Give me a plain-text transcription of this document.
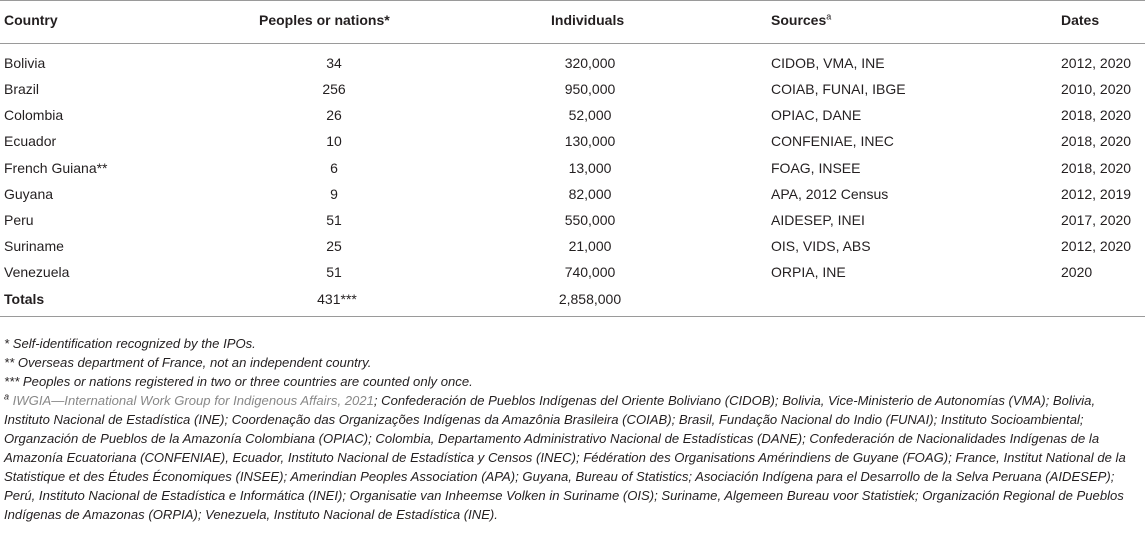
Country	Peoples or nations*	Individuals	Sources$^a$	Dates
Bolivia	34	320,000	CIDOB, VMA, INE	2012, 2020
Brazil	256	950,000	COIAB, FUNAI, IBGE	2010, 2020
Colombia	26	52,000	OPIAC, DANE	2018, 2020
Ecuador	10	130,000	CONFENIAE, INEC	2018, 2020
French Guiana**	6	13,000	FOAG, INSEE	2018, 2020
Guyana	9	82,000	APA, 2012 Census	2012, 2019
Peru	51	550,000	AIDESEP, INEI	2017, 2020
Suriname	25	21,000	OIS, VIDS, ABS	2012, 2020
Venezuela	51	740,000	ORPIA, INE	2020
Totals	431***	2,858,000		

* Self-identification recognized by the IPOs.

** Overseas department of France, not an independent country.

*** Peoples or nations registered in two or three countries are counted only once.

$^a$ IWGIA—International Work Group for Indigenous Affairs, 2021; Confederación de Pueblos Indígenas del Oriente Boliviano (CIDOB); Bolivia, Vice-Ministerio de Autonomías (VMA); Bolivia, Instituto Nacional de Estadística (INE); Coordenação das Organizações Indígenas da Amazônia Brasileira (COIAB); Brasil, Fundação Nacional do Indio (FUNAI); Instituto Socioambiental; Organzación de Pueblos de la Amazonía Colombiana (OPIAC); Colombia, Departamento Administrativo Nacional de Estadísticas (DANE); Confederación de Nacionalidades Indígenas de la Amazonía Ecuatoriana (CONFENIAE), Ecuador, Instituto Nacional de Estadística y Censos (INEC); Fédération des Organisations Amérindiens de Guyane (FOAG); France, Institut National de la Statistique et des Études Économiques (INSEE); Amerindian Peoples Association (APA); Guyana, Bureau of Statistics; Asociación Indígena para el Desarrollo de la Selva Peruana (AIDESEP); Perú, Instituto Nacional de Estadística e Informática (INEI); Organisatie van Inheemse Volken in Suriname (OIS); Suriname, Algemeen Bureau voor Statistiek; Organización Regional de Pueblos Indígenas de Amazonas (ORPIA); Venezuela, Instituto Nacional de Estadística (INE).
